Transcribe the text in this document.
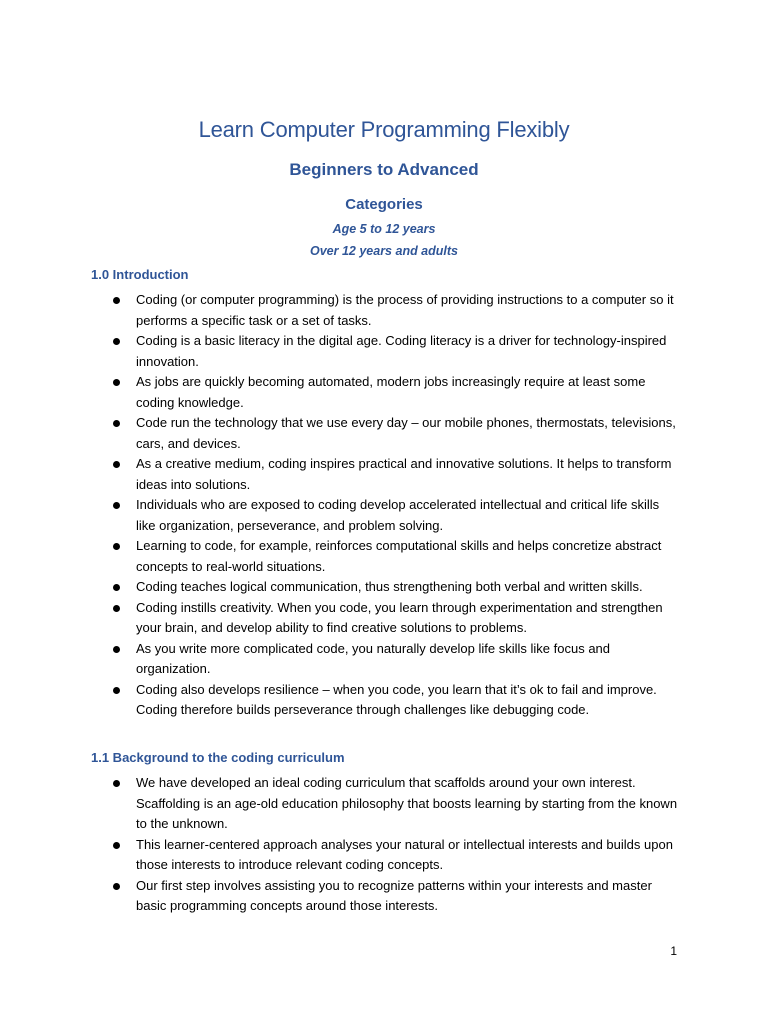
Learn Computer Programming Flexibly
Beginners to Advanced
Categories

Age 5 to 12 years

Over 12 years and adults

1.0 Introduction
Coding (or computer programming) is the process of providing instructions to a computer so it performs a specific task or a set of tasks.
Coding is a basic literacy in the digital age. Coding literacy is a driver for technology-inspired innovation.
As jobs are quickly becoming automated, modern jobs increasingly require at least some coding knowledge.
Code run the technology that we use every day – our mobile phones, thermostats, televisions, cars, and devices.
As a creative medium, coding inspires practical and innovative solutions. It helps to transform ideas into solutions.
Individuals who are exposed to coding develop accelerated intellectual and critical life skills like organization, perseverance, and problem solving.
Learning to code, for example, reinforces computational skills and helps concretize abstract concepts to real-world situations.
Coding teaches logical communication, thus strengthening both verbal and written skills.
Coding instills creativity. When you code, you learn through experimentation and strengthen your brain, and develop ability to find creative solutions to problems.
As you write more complicated code, you naturally develop life skills like focus and organization.
Coding also develops resilience – when you code, you learn that it’s ok to fail and improve. Coding therefore builds perseverance through challenges like debugging code.
1.1 Background to the coding curriculum
We have developed an ideal coding curriculum that scaffolds around your own interest. Scaffolding is an age-old education philosophy that boosts learning by starting from the known to the unknown.
This learner-centered approach analyses your natural or intellectual interests and builds upon those interests to introduce relevant coding concepts.
Our first step involves assisting you to recognize patterns within your interests and master basic programming concepts around those interests.

1
